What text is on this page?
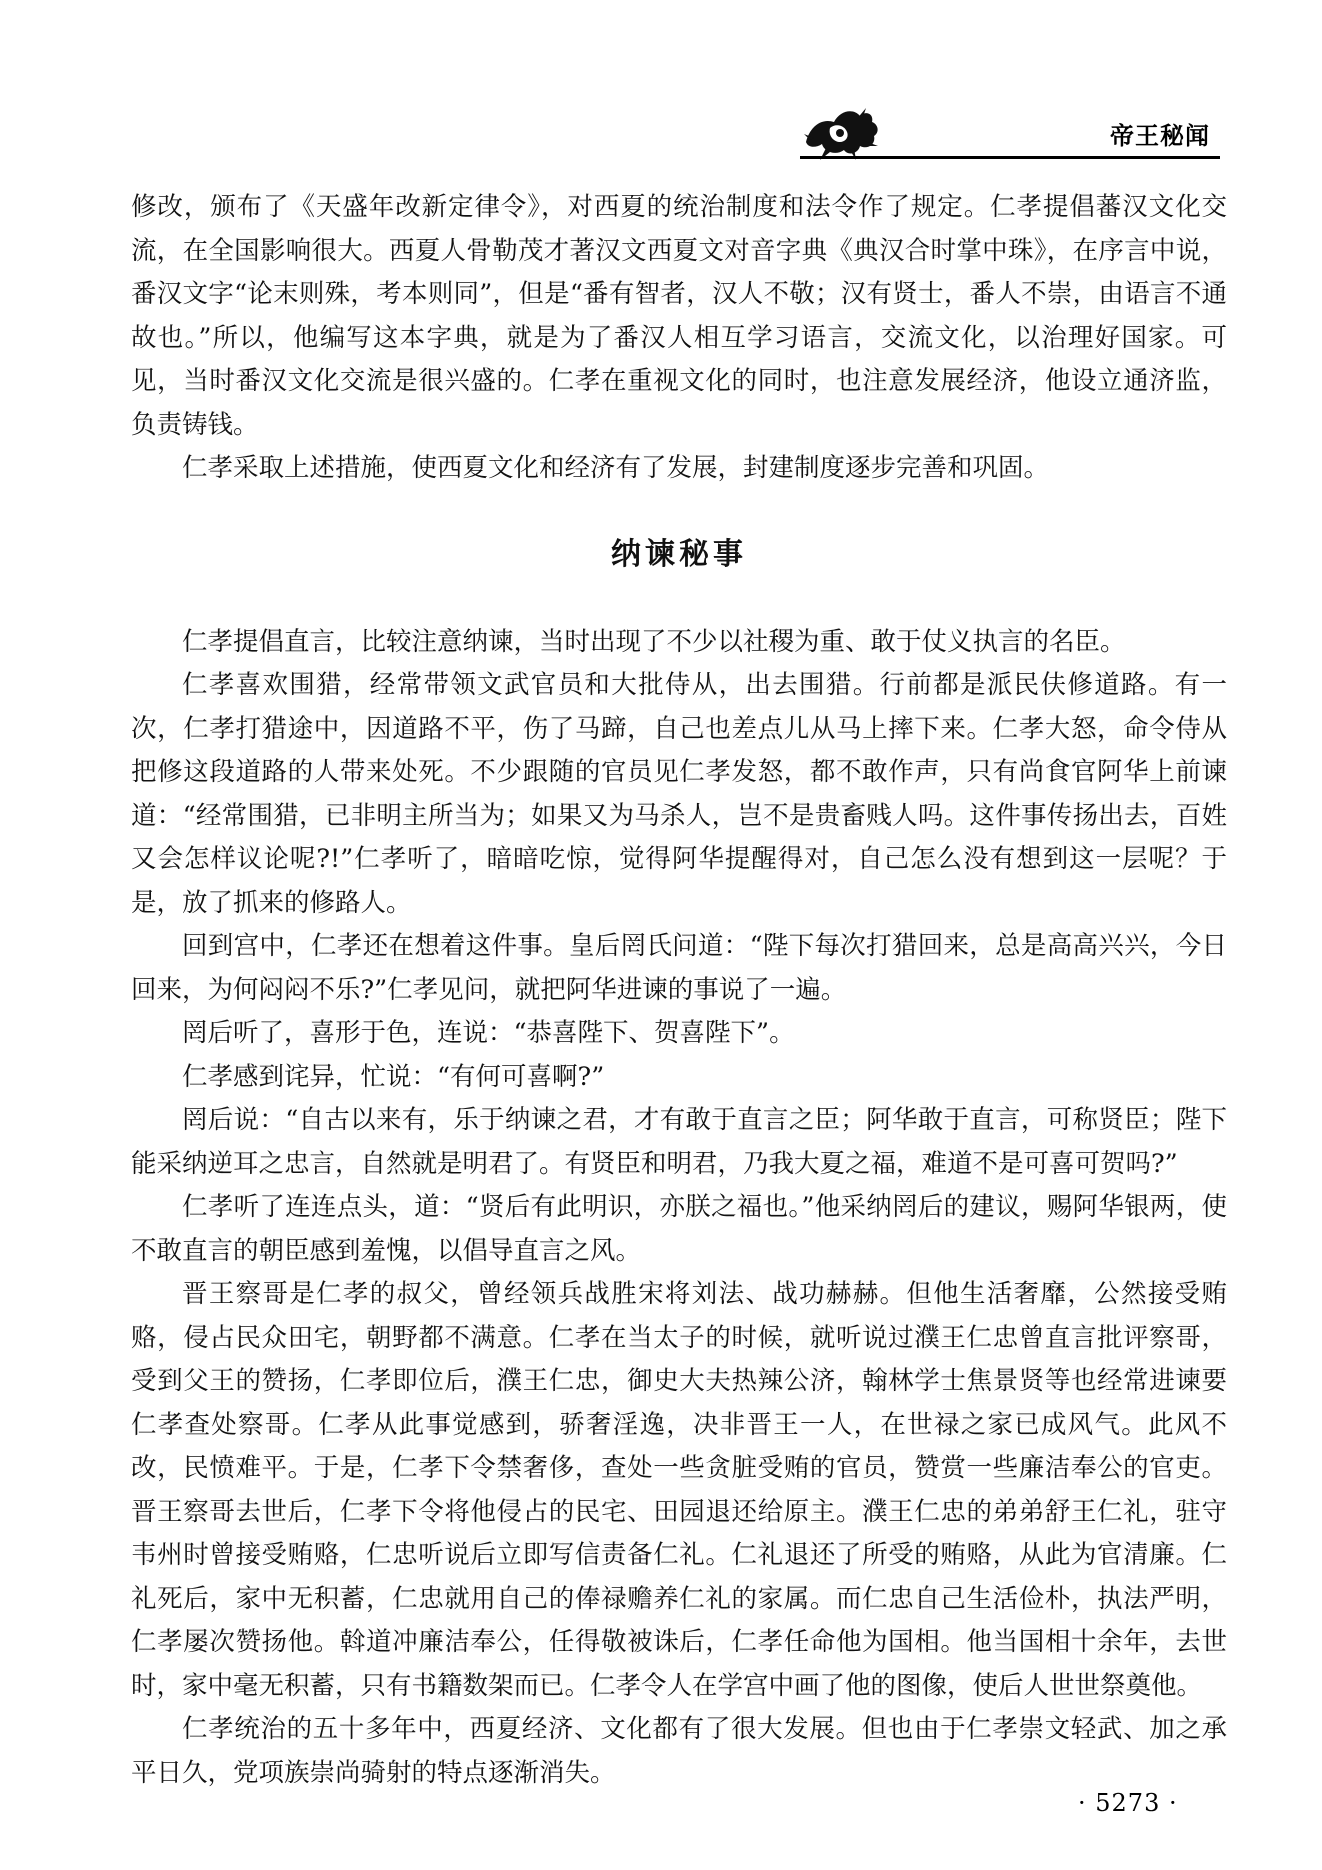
帝王秘闻

修改，颁布了《天盛年改新定律令》，对西夏的统治制度和法令作了规定。仁孝提倡蕃汉文化交流，在全国影响很大。西夏人骨勒茂才著汉文西夏文对音字典《典汉合时掌中珠》，在序言中说，番汉文字“论末则殊，考本则同”，但是“番有智者，汉人不敬；汉有贤士，番人不崇，由语言不通故也。”所以，他编写这本字典，就是为了番汉人相互学习语言，交流文化，以治理好国家。可见，当时番汉文化交流是很兴盛的。仁孝在重视文化的同时，也注意发展经济，他设立通济监，负责铸钱。

仁孝采取上述措施，使西夏文化和经济有了发展，封建制度逐步完善和巩固。

纳谏秘事

仁孝提倡直言，比较注意纳谏，当时出现了不少以社稷为重、敢于仗义执言的名臣。

仁孝喜欢围猎，经常带领文武官员和大批侍从，出去围猎。行前都是派民伕修道路。有一次，仁孝打猎途中，因道路不平，伤了马蹄，自己也差点儿从马上摔下来。仁孝大怒，命令侍从把修这段道路的人带来处死。不少跟随的官员见仁孝发怒，都不敢作声，只有尚食官阿华上前谏道：“经常围猎，已非明主所当为；如果又为马杀人，岂不是贵畜贱人吗。这件事传扬出去，百姓又会怎样议论呢?!”仁孝听了，暗暗吃惊，觉得阿华提醒得对，自己怎么没有想到这一层呢？于是，放了抓来的修路人。

回到宫中，仁孝还在想着这件事。皇后罔氏问道：“陛下每次打猎回来，总是高高兴兴，今日回来，为何闷闷不乐?”仁孝见问，就把阿华进谏的事说了一遍。

罔后听了，喜形于色，连说：“恭喜陛下、贺喜陛下”。

仁孝感到诧异，忙说：“有何可喜啊?”

罔后说：“自古以来有，乐于纳谏之君，才有敢于直言之臣；阿华敢于直言，可称贤臣；陛下能采纳逆耳之忠言，自然就是明君了。有贤臣和明君，乃我大夏之福，难道不是可喜可贺吗?”

仁孝听了连连点头，道：“贤后有此明识，亦朕之福也。”他采纳罔后的建议，赐阿华银两，使不敢直言的朝臣感到羞愧，以倡导直言之风。

晋王察哥是仁孝的叔父，曾经领兵战胜宋将刘法、战功赫赫。但他生活奢靡，公然接受贿赂，侵占民众田宅，朝野都不满意。仁孝在当太子的时候，就听说过濮王仁忠曾直言批评察哥，受到父王的赞扬，仁孝即位后，濮王仁忠，御史大夫热辣公济，翰林学士焦景贤等也经常进谏要仁孝查处察哥。仁孝从此事觉感到，骄奢淫逸，决非晋王一人，在世禄之家已成风气。此风不改，民愤难平。于是，仁孝下令禁奢侈，查处一些贪脏受贿的官员，赞赏一些廉洁奉公的官吏。晋王察哥去世后，仁孝下令将他侵占的民宅、田园退还给原主。濮王仁忠的弟弟舒王仁礼，驻守韦州时曾接受贿赂，仁忠听说后立即写信责备仁礼。仁礼退还了所受的贿赂，从此为官清廉。仁礼死后，家中无积蓄，仁忠就用自己的俸禄赡养仁礼的家属。而仁忠自己生活俭朴，执法严明，仁孝屡次赞扬他。斡道冲廉洁奉公，任得敬被诛后，仁孝任命他为国相。他当国相十余年，去世时，家中毫无积蓄，只有书籍数架而已。仁孝令人在学宫中画了他的图像，使后人世世祭奠他。

仁孝统治的五十多年中，西夏经济、文化都有了很大发展。但也由于仁孝崇文轻武、加之承平日久，党项族崇尚骑射的特点逐渐消失。

· 5273 ·
